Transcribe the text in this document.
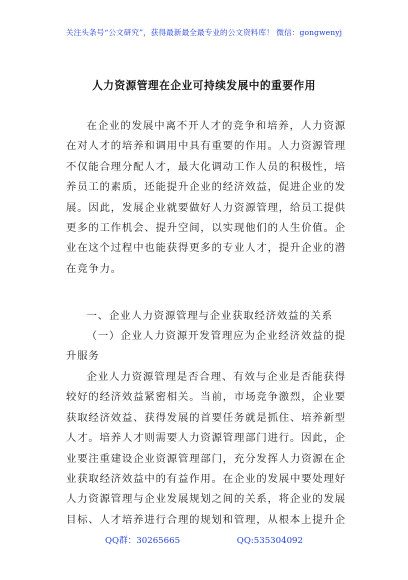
关注头条号“公文研究”，获得最新最全最专业的公文资料库！ 微信：gongwenyj
人力资源管理在企业可持续发展中的重要作用

在企业的发展中离不开人才的竞争和培养，人力资源在对人才的培养和调用中具有重要的作用。人力资源管理不仅能合理分配人才，最大化调动工作人员的积极性，培养员工的素质，还能提升企业的经济效益，促进企业的发展。因此，发展企业就要做好人力资源管理，给员工提供更多的工作机会、提升空间，以实现他们的人生价值。企业在这个过程中也能获得更多的专业人才，提升企业的潜在竞争力。

一、企业人力资源管理与企业获取经济效益的关系

（一）企业人力资源开发管理应为企业经济效益的提升服务

企业人力资源管理是否合理、有效与企业是否能获得较好的经济效益紧密相关。当前，市场竞争激烈，企业要获取经济效益、获得发展的首要任务就是抓住、培养新型人才。培养人才则需要人力资源管理部门进行。因此，企业要注重建设企业资源管理部门，充分发挥人力资源在企业获取经济效益中的有益作用。在企业的发展中要处理好人力资源管理与企业发展规划之间的关系，将企业的发展目标、人才培养进行合理的规划和管理，从根本上提升企

QQ群：30265665	QQ:535304092
